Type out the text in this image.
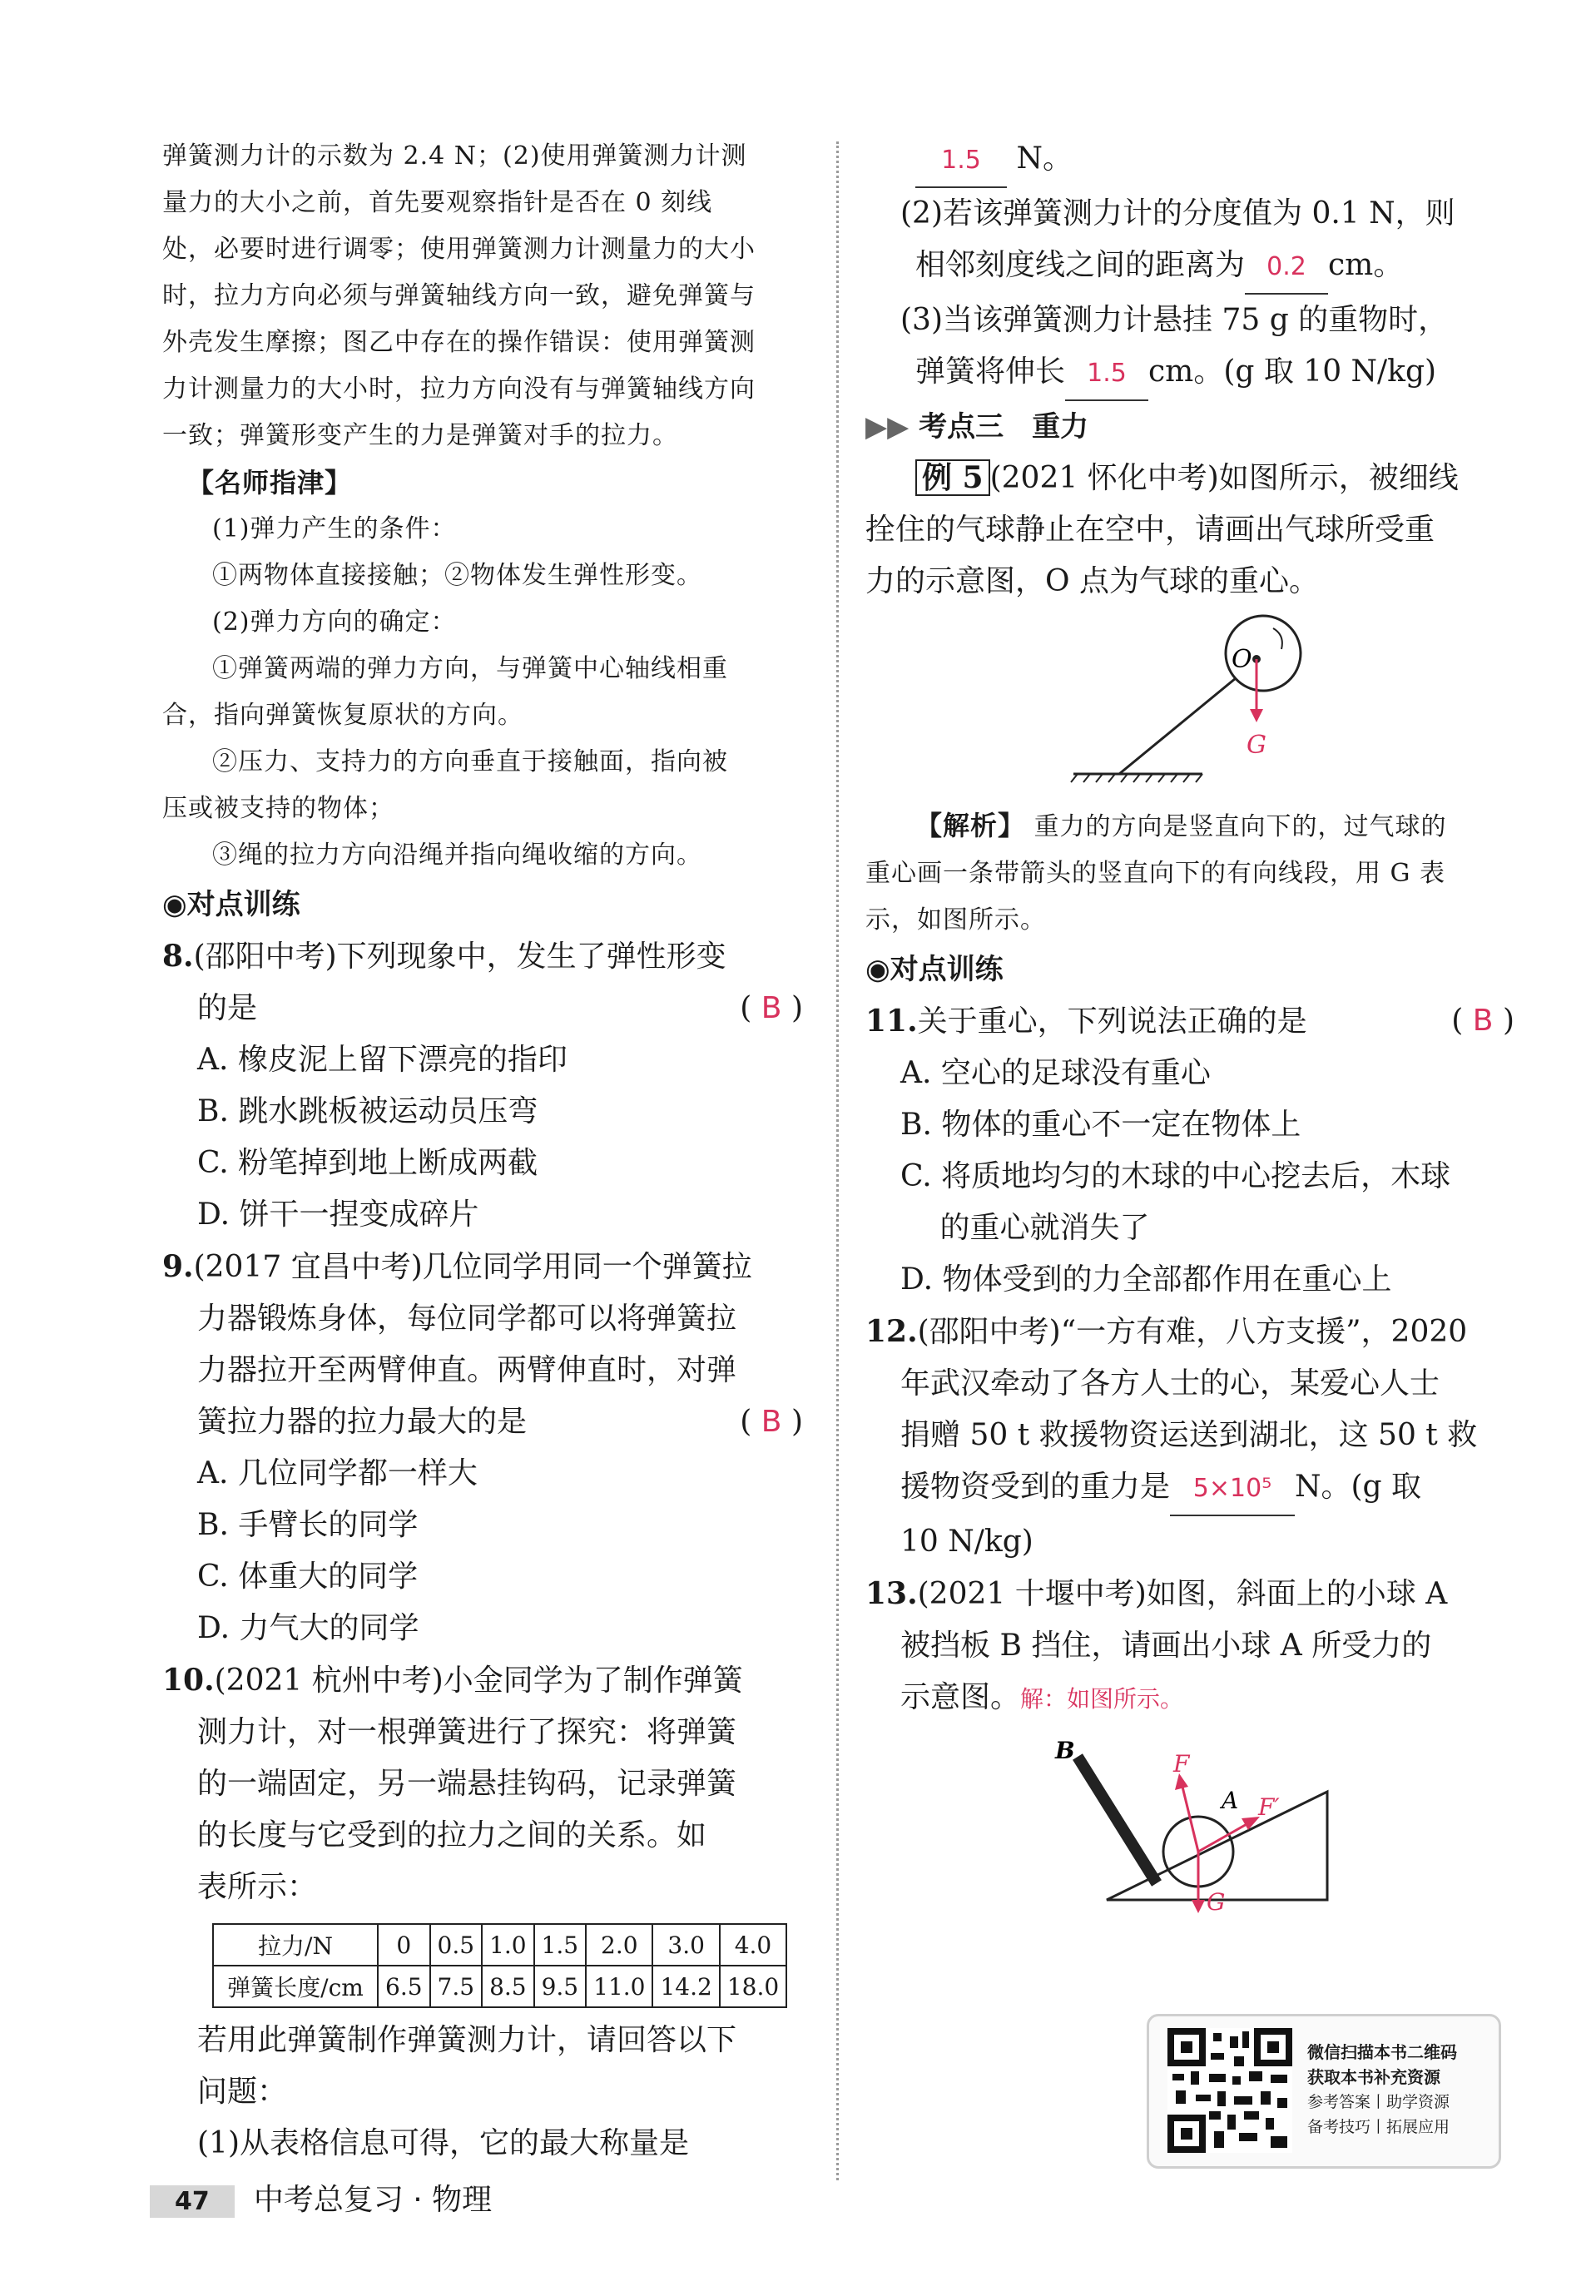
弹簧测力计的示数为 2.4 N；(2)使用弹簧测力计测

量力的大小之前，首先要观察指针是否在 0 刻线

处，必要时进行调零；使用弹簧测力计测量力的大小

时，拉力方向必须与弹簧轴线方向一致，避免弹簧与

外壳发生摩擦；图乙中存在的操作错误：使用弹簧测

力计测量力的大小时，拉力方向没有与弹簧轴线方向

一致；弹簧形变产生的力是弹簧对手的拉力。

【名师指津】

(1)弹力产生的条件：

①两物体直接接触；②物体发生弹性形变。

(2)弹力方向的确定：

①弹簧两端的弹力方向，与弹簧中心轴线相重

合，指向弹簧恢复原状的方向。

②压力、支持力的方向垂直于接触面，指向被

压或被支持的物体；

③绳的拉力方向沿绳并指向绳收缩的方向。

◉对点训练

8.(邵阳中考)下列现象中，发生了弹性形变

的是	( B )

A. 橡皮泥上留下漂亮的指印

B. 跳水跳板被运动员压弯

C. 粉笔掉到地上断成两截

D. 饼干一捏变成碎片

9.(2017 宜昌中考)几位同学用同一个弹簧拉

力器锻炼身体，每位同学都可以将弹簧拉

力器拉开至两臂伸直。两臂伸直时，对弹

簧拉力器的拉力最大的是	( B )

A. 几位同学都一样大

B. 手臂长的同学

C. 体重大的同学

D. 力气大的同学

10.(2021 杭州中考)小金同学为了制作弹簧

测力计，对一根弹簧进行了探究：将弹簧

的一端固定，另一端悬挂钩码，记录弹簧

的长度与它受到的拉力之间的关系。如

表所示：

拉力/N	0	0.5	1.0	1.5	2.0	3.0	4.0
弹簧长度/cm	6.5	7.5	8.5	9.5	11.0	14.2	18.0

若用此弹簧制作弹簧测力计，请回答以下

问题：

(1)从表格信息可得，它的最大称量是

1.5 N。

(2)若该弹簧测力计的分度值为 0.1 N，则

相邻刻度线之间的距离为 0.2 cm。

(3)当该弹簧测力计悬挂 75 g 的重物时，

弹簧将伸长 1.5 cm。(g 取 10 N/kg)

▶▶ 考点三　重力

例 5 (2021 怀化中考)如图所示，被细线

拴住的气球静止在空中，请画出气球所受重

力的示意图，O 点为气球的重心。

O
G

【解析】 重力的方向是竖直向下的，过气球的

重心画一条带箭头的竖直向下的有向线段，用 G 表

示，如图所示。

◉对点训练

11.关于重心，下列说法正确的是	( B )

A. 空心的足球没有重心

B. 物体的重心不一定在物体上

C. 将质地均匀的木球的中心挖去后，木球

　 的重心就消失了

D. 物体受到的力全部都作用在重心上

12.(邵阳中考)“一方有难，八方支援”，2020

年武汉牵动了各方人士的心，某爱心人士

捐赠 50 t 救援物资运送到湖北，这 50 t 救

援物资受到的重力是 5×10⁵ N。(g 取

10 N/kg)

13.(2021 十堰中考)如图，斜面上的小球 A

被挡板 B 挡住，请画出小球 A 所受力的

示意图。解：如图所示。

B	F
A F′
G
微信扫描本书二维码
获取本书补充资源
参考答案丨助学资源
备考技巧丨拓展应用
47 中考总复习 · 物理
